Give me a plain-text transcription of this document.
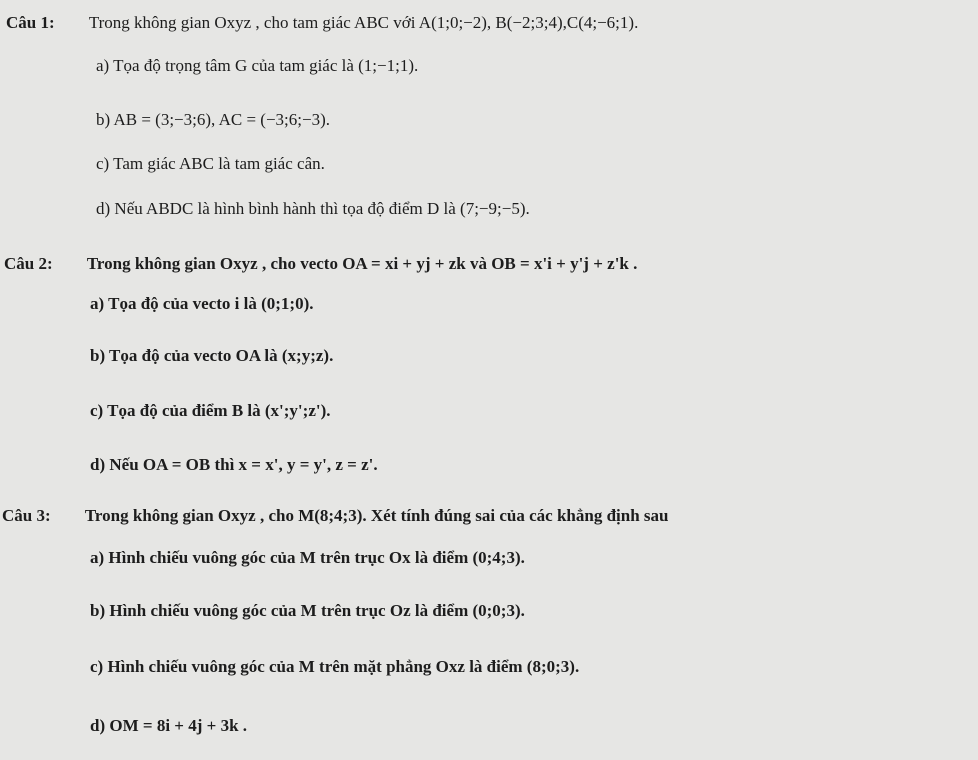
Câu 1: Trong không gian Oxyz , cho tam giác ABC với A(1;0;−2), B(−2;3;4),C(4;−6;1).
a) Tọa độ trọng tâm G của tam giác là (1;−1;1).
b) AB = (3;−3;6), AC = (−3;6;−3).
c) Tam giác ABC là tam giác cân.
d) Nếu ABDC là hình bình hành thì tọa độ điểm D là (7;−9;−5).
Câu 2: Trong không gian Oxyz , cho vecto OA = xi + yj + zk và OB = x'i + y'j + z'k .
a) Tọa độ của vecto i là (0;1;0).
b) Tọa độ của vecto OA là (x;y;z).
c) Tọa độ của điểm B là (x';y';z').
d) Nếu OA = OB thì x = x', y = y', z = z'.
Câu 3: Trong không gian Oxyz , cho M(8;4;3). Xét tính đúng sai của các khẳng định sau
a) Hình chiếu vuông góc của M trên trục Ox là điểm (0;4;3).
b) Hình chiếu vuông góc của M trên trục Oz là điểm (0;0;3).
c) Hình chiếu vuông góc của M trên mặt phẳng Oxz là điểm (8;0;3).
d) OM = 8i + 4j + 3k .
